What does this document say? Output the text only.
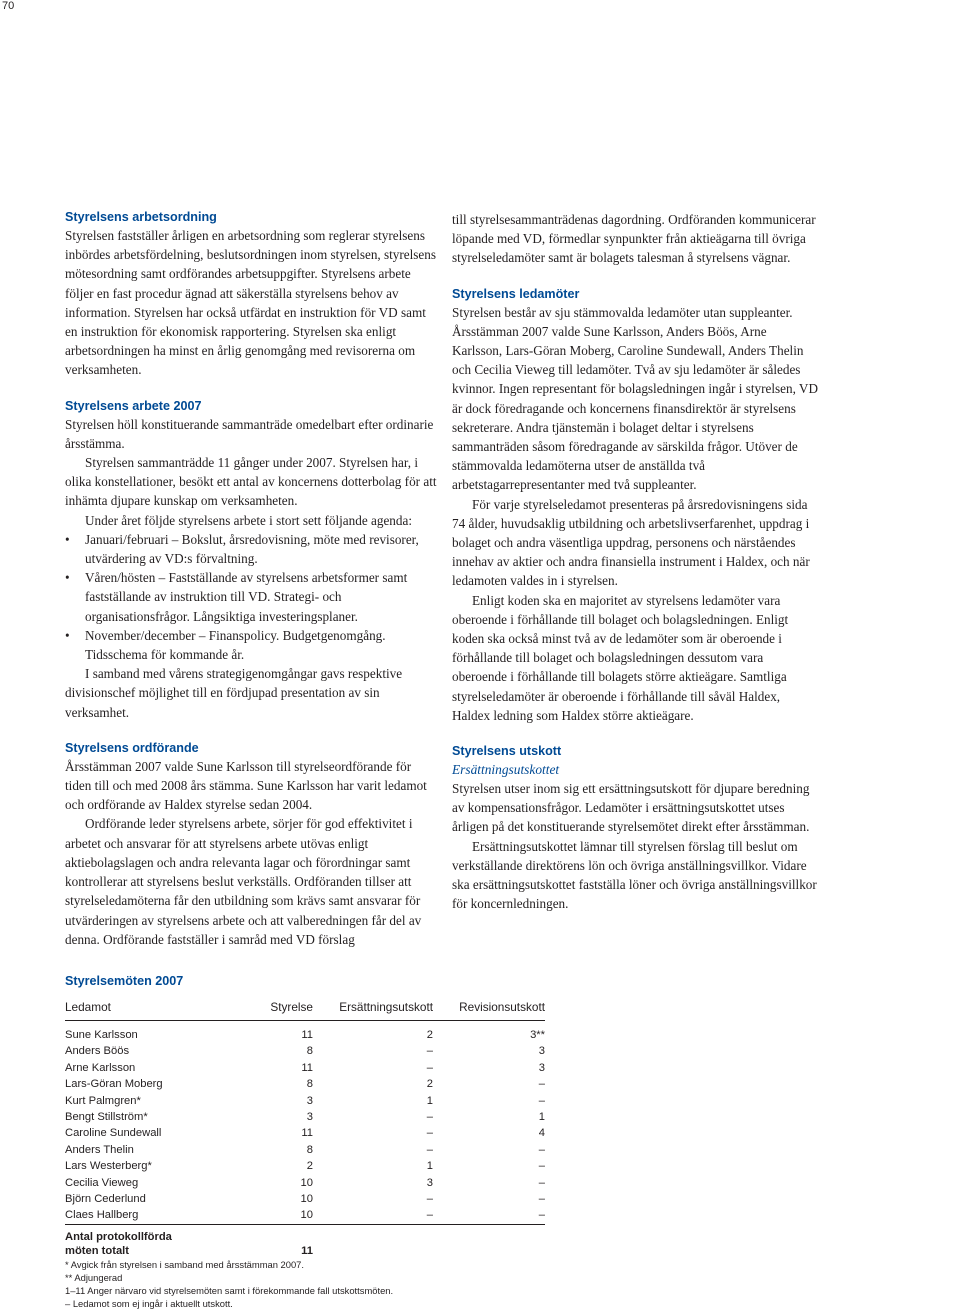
70
Styrelsens arbetsordning

Styrelsen fastställer årligen en arbetsordning som reglerar styrelsens inbördes arbetsfördelning, beslutsordningen inom styrelsen, styrelsens mötesordning samt ordförandes arbetsuppgifter. Styrelsens arbete följer en fast procedur ägnad att säkerställa styrelsens behov av information. Styrelsen har också utfärdat en instruktion för VD samt en instruktion för ekonomisk rapportering. Styrelsen ska enligt arbetsordningen ha minst en årlig genomgång med revisorerna om verksamheten.

Styrelsens arbete 2007

Styrelsen höll konstituerande sammanträde omedelbart efter ordinarie årsstämma.

Styrelsen sammanträdde 11 gånger under 2007. Styrelsen har, i olika konstellationer, besökt ett antal av koncernens dotterbolag för att inhämta djupare kunskap om verksamheten.

Under året följde styrelsens arbete i stort sett följande agenda:

• Januari/februari – Bokslut, årsredovisning, möte med revisorer, utvärdering av VD:s förvaltning.
• Våren/hösten – Fastställande av styrelsens arbetsformer samt fastställande av instruktion till VD. Strategi- och organisationsfrågor. Långsiktiga investeringsplaner.
• November/december – Finanspolicy. Budgetgenomgång. Tidsschema för kommande år.

I samband med vårens strategigenomgångar gavs respektive divisionschef möjlighet till en fördjupad presentation av sin verksamhet.

Styrelsens ordförande

Årsstämman 2007 valde Sune Karlsson till styrelseordförande för tiden till och med 2008 års stämma. Sune Karlsson har varit ledamot och ordförande av Haldex styrelse sedan 2004.

Ordförande leder styrelsens arbete, sörjer för god effektivitet i arbetet och ansvarar för att styrelsens arbete utövas enligt aktiebolagslagen och andra relevanta lagar och förordningar samt kontrollerar att styrelsens beslut verkställs. Ordföranden tillser att styrelseledamöterna får den utbildning som krävs samt ansvarar för utvärderingen av styrelsens arbete och att valberedningen får del av denna. Ordförande fastställer i samråd med VD förslag

till styrelsesammanträdenas dagordning. Ordföranden kommunicerar löpande med VD, förmedlar synpunkter från aktieägarna till övriga styrelseledamöter samt är bolagets talesman å styrelsens vägnar.

Styrelsens ledamöter

Styrelsen består av sju stämmovalda ledamöter utan suppleanter. Årsstämman 2007 valde Sune Karlsson, Anders Böös, Arne Karlsson, Lars-Göran Moberg, Caroline Sundewall, Anders Thelin och Cecilia Vieweg till ledamöter. Två av sju ledamöter är således kvinnor. Ingen representant för bolagsledningen ingår i styrelsen, VD är dock föredragande och koncernens finansdirektör är styrelsens sekreterare. Andra tjänstemän i bolaget deltar i styrelsens sammanträden såsom föredragande av särskilda frågor. Utöver de stämmovalda ledamöterna utser de anställda två arbetstagarrepresentanter med två suppleanter.

För varje styrelseledamot presenteras på årsredovisningens sida 74 ålder, huvudsaklig utbildning och arbetslivserfarenhet, uppdrag i bolaget och andra väsentliga uppdrag, personens och närståendes innehav av aktier och andra finansiella instrument i Haldex, och när ledamoten valdes in i styrelsen.

Enligt koden ska en majoritet av styrelsens ledamöter vara oberoende i förhållande till bolaget och bolagsledningen. Enligt koden ska också minst två av de ledamöter som är oberoende i förhållande till bolaget och bolagsledningen dessutom vara oberoende i förhållande till bolagets större aktieägare. Samtliga styrelseledamöter är oberoende i förhållande till såväl Haldex, Haldex ledning som Haldex större aktieägare.

Styrelsens utskott
Ersättningsutskottet

Styrelsen utser inom sig ett ersättningsutskott för djupare beredning av kompensationsfrågor. Ledamöter i ersättningsutskottet utses årligen på det konstituerande styrelsemötet direkt efter årsstämman.

Ersättningsutskottet lämnar till styrelsen förslag till beslut om verkställande direktörens lön och övriga anställningsvillkor. Vidare ska ersättningsutskottet fastställa löner och övriga anställningsvillkor för koncernledningen.

Styrelsemöten 2007
Ledamot	Styrelse	Ersättningsutskott	Revisionsutskott
Sune Karlsson	11	2	3**
Anders Böös	8	–	3
Arne Karlsson	11	–	3
Lars-Göran Moberg	8	2	–
Kurt Palmgren*	3	1	–
Bengt Stillström*	3	–	1
Caroline Sundewall	11	–	4
Anders Thelin	8	–	–
Lars Westerberg*	2	1	–
Cecilia Vieweg	10	3	–
Björn Cederlund	10	–	–
Claes Hallberg	10	–	–

Antal protokollförda
möten totalt	11		
* Avgick från styrelsen i samband med årsstämman 2007.
** Adjungerad
1–11 Anger närvaro vid styrelsemöten samt i förekommande fall utskottsmöten.
– Ledamot som ej ingår i aktuellt utskott.
